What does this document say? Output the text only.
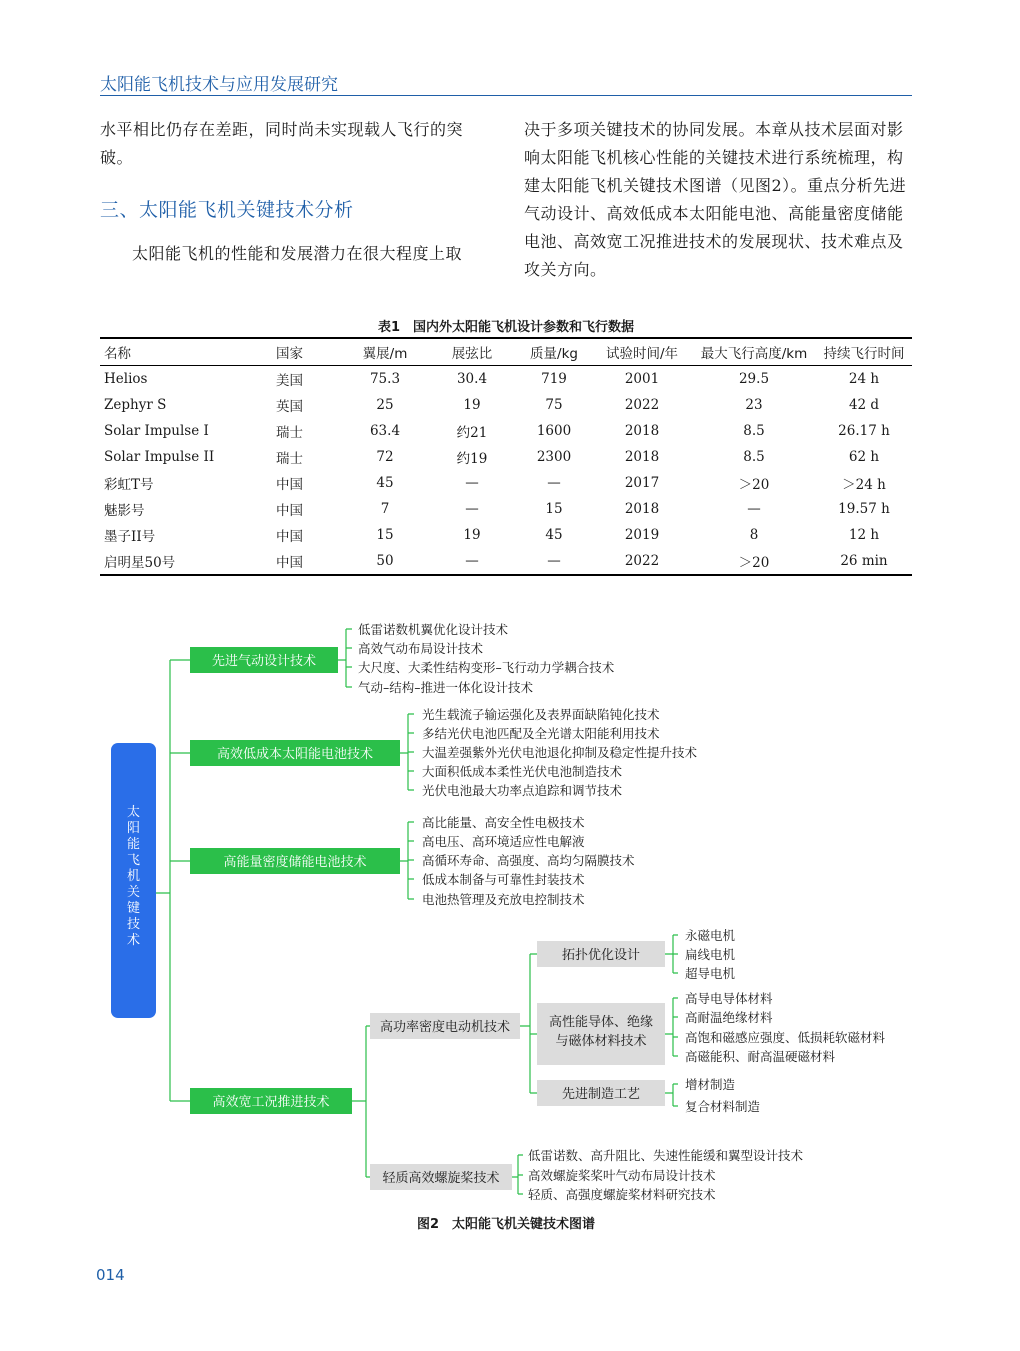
太阳能飞机技术与应用发展研究

水平相比仍存在差距，同时尚未实现载人飞行的突破。

三、太阳能飞机关键技术分析

太阳能飞机的性能和发展潜力在很大程度上取

决于多项关键技术的协同发展。本章从技术层面对影响太阳能飞机核心性能的关键技术进行系统梳理，构建太阳能飞机关键技术图谱（见图2）。重点分析先进气动设计、高效低成本太阳能电池、高能量密度储能电池、高效宽工况推进技术的发展现状、技术难点及攻关方向。

表1　国内外太阳能飞机设计参数和飞行数据
名称	国家	翼展/m	展弦比	质量/kg	试验时间/年	最大飞行高度/km	持续飞行时间
Helios	美国	75.3	30.4	719	2001	29.5	24 h
Zephyr S	英国	25	19	75	2022	23	42 d
Solar Impulse I	瑞士	63.4	约21	1600	2018	8.5	26.17 h
Solar Impulse II	瑞士	72	约19	2300	2018	8.5	62 h
彩虹T号	中国	45	—	—	2017	＞20	＞24 h
魅影号	中国	7	—	15	2018	—	19.57 h
墨子II号	中国	15	19	45	2019	8	12 h
启明星50号	中国	50	—	—	2022	＞20	26 min
太阳能飞机关键技术
先进气动设计技术
低雷诺数机翼优化设计技术
高效气动布局设计技术
大尺度、大柔性结构变形–飞行动力学耦合技术
气动–结构–推进一体化设计技术
高效低成本太阳能电池技术
光生载流子输运强化及表界面缺陷钝化技术
多结光伏电池匹配及全光谱太阳能利用技术
大温差强紫外光伏电池退化抑制及稳定性提升技术
大面积低成本柔性光伏电池制造技术
光伏电池最大功率点追踪和调节技术
高能量密度储能电池技术
高比能量、高安全性电极技术
高电压、高环境适应性电解液
高循环寿命、高强度、高均匀隔膜技术
低成本制备与可靠性封装技术
电池热管理及充放电控制技术
高效宽工况推进技术
高功率密度电动机技术
拓扑优化设计
永磁电机
扁线电机
超导电机
高性能导体、绝缘
与磁体材料技术
高导电导体材料
高耐温绝缘材料
高饱和磁感应强度、低损耗软磁材料
高磁能积、耐高温硬磁材料
先进制造工艺
增材制造
复合材料制造
轻质高效螺旋桨技术
低雷诺数、高升阻比、失速性能缓和翼型设计技术
高效螺旋桨桨叶气动布局设计技术
轻质、高强度螺旋桨材料研究技术
图2　太阳能飞机关键技术图谱
014
